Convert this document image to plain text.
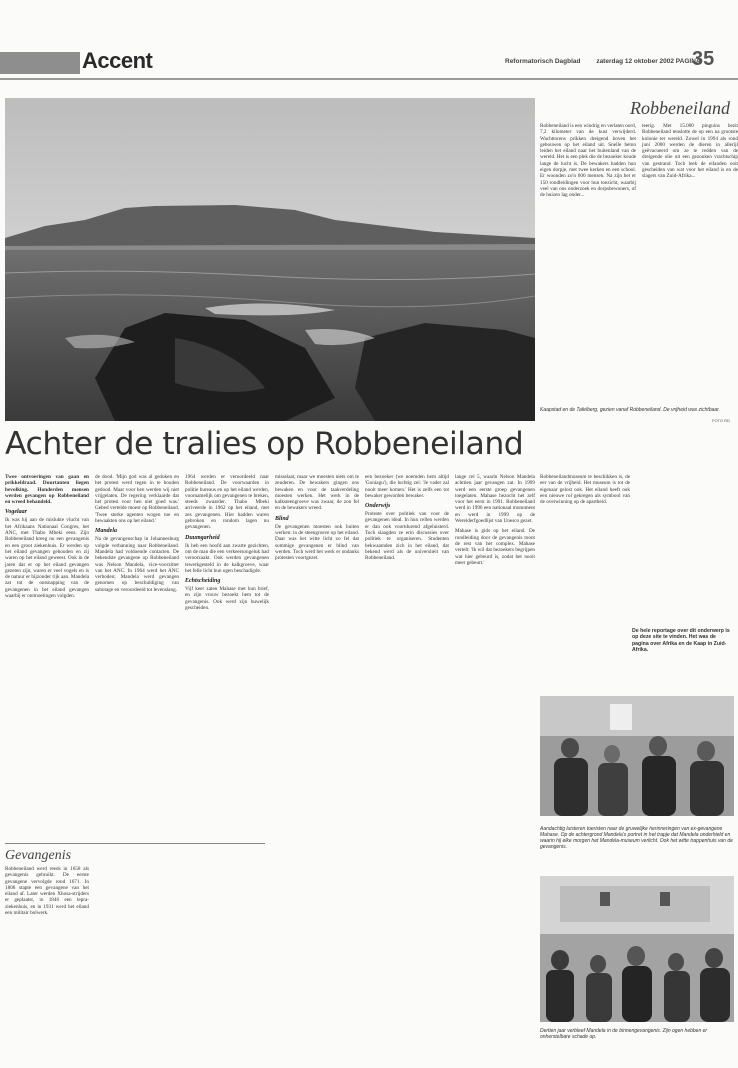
Accent	Reformatorisch Dagblad zaterdag 12 oktober 2002 PAGINA
35
Robbeneiland
Robbeneiland is een windrig en verlaten oord, 7,2 kilometer van de kust verwijderd. Wachttorens prikken dreigend boven het gebouwen op het eiland uit. Snelle beton leiden het eiland naar het buitenland van de wereld. Het is een plek die de bezoeker koude lange de lucht is. De bewakers hadden hun eigen dorpje, met twee kerken en een school. Er woonden zo'n 600 mensen. Na zijn het er 150 rondleidingen voor hun toezicht, waarbij veel van ons onderzoek en dorpsbewoners, of de huizen lag onder...
teerig. Met 15.000 pinguins bezit Robbeneiland tenslotte de op een na grootste kolonie ter wereld. Zowel in 1994 als rond juni 2000 werden de dieren in allerijl geëvacueerd om ze te redden van de dreigende olie uit een gezonken vrachtschip van gestrand. Toch leek de eilanden ooit gescheiden van wat voor het eiland is en de slagers van Zuid-Afrika...
Kaapstad en de Tafelberg, gezien vanaf Robbeneiland. De vrijheid was zichtbaar.
FOTO RD
Achter de tralies op Robbeneiland
Twee ontvoeringen van gaan en prikkeldraad. Duurtanten liegen bevolking. Honderden mensen werden gevangen op Robbeneiland en wreed behandeld.
Vogelaar
Ik was hij aan de mislukte vlucht van het Afrikaans Nationaal Congres, het ANC, met Thabo Mbeki eens. Zijn Robbeneiland kreeg nu een gevangenis en een groot ziekenhuis. Er werden op het eiland gevangen gehouden en zij waren op het eiland geweest. Ook in de jaren dat er op het eiland gevangen gezeten zijn, waren er veel vogels en is de natuur er bijzonder rijk aan. Mandela zat tot de ontsnapping van de gevangenen in het eiland gevangen waarbij er ontmoetingen volgden.
Gevangenis
Robbeneiland werd reeds in 1658 als gevangenis gebruikt. De eerste gevangene vervolgde rond 1671. In 1806 stapte een gevangene van het eiland af. Later werden Xhosa-strijders er geplaatst, in 1846 een lepra-ziekenhuis, en in 1931 werd het eiland een militair bolwerk.
de dood. 'Mijn god was al gedoken en het protest werd tegen in te houden gedood. Maar voor hen werden wij niet vrijgelaten. De regering verklaarde dat het protest voor hen niet goed was.' Gebed vertelde moest op Robbeneiland. 'Twee sterke agenten wogen toe en bewaakten ons op het eiland.'
Mandela
Na de gevangenschap in Johannesburg volgde verbanning naar Robbeneiland. Mandela had voldoende contacten. De bekendste gevangene op Robbeneiland was Nelson Mandela, vice-voorzitter van het ANC. In 1964 werd het ANC verboden; Mandela werd gevangen genomen op beschuldiging van sabotage en veroordeeld tot levenslang.
1964 werden er veroordeeld naar Robbeneiland. De voorwaarden in politie bureaus en op het eiland werden, voornamelijk om gevangenen te breken, steeds zwaarder. Thabo Mbeki arriveerde in 1962 op het eiland, met zes gevangenen. Hier hadden waren gebroken en rondom lagen nu gevangenen.
Duumgarheid
Ik heb een hoofd aan zwarte gezichten, om de man die een verkeersongeluk had veroorzaakt. Ook werden gevangenen tewerkgesteld in de kalkgroeve, waar het felle licht hun ogen beschadigde.
Echtscheiding
Vijf keer zaten Mahase met hun brief, en zijn vrouw bezoekt hem tot de gevangenis. Ook werd zijn huwelijk gescheiden.
misselaat, maar we moesten niets om te zeuderen. De bewakers gingen ons bewaken en voor de taakverdeling moesten werken. Het werk in de kalksteengroeve was zwaar, de zon fel en de bewakers wreed.
Blind
De gevangenen moesten ook buiten werken: in de steengroeve op het eiland. Daar was het witte licht zo fel dat sommige gevangenen er blind van werden. Toch werd het werk er ondanks protesten voortgezet.
een bezoeker (we noemden hem altijd 'Goniagu'), die luchtig zei: 'Je vader zal nooit meer komen.' Het is zelfs een tot bewaker geworden bewaker.
Onderwijs
Proteste over politiek van voor de gevangenen ideal. In hun cellen werden er dan ook voortdurend afgeluisterd. Toch slaagden ze erin discussies over politiek te organiseren. Studenten bekwaamden zich in het eiland, dat bekend werd als de universiteit van Robbeneiland.
lange cel 5, waarin Nelson Mandela achttien jaar gevangen zat. In 1999 werd een eerste groep gevangenen toegelaten. Mahase bezocht het zelf voor het eerst in 1991. Robbeneiland werd in 1996 een nationaal monument en werd in 1999 op de Werelderfgoedlijst van Unesco gezet.
Mahase is gids op het eiland. De rondleiding door de gevangenis toont de rest van het complex. Mahase vertelt: 'Ik wil dat bezoekers begrijpen wat hier gebeurd is, zodat het nooit meer gebeurt.'
Robbeneilandmuseum te beschikken is, de eer van de vrijheid. Het museum is tot de eigenaar gelost ook. Het eiland heeft ook een nieuwe rol gekregen als symbool van de overwinning op de apartheid.
De hele reportage over dit onderwerp is op deze site te vinden. Het was de pagina over Afrika en de Kaap in Zuid-Afrika.
Aandachtig luisteren toeristen naar de gruwelijke herinneringen van ex-gevangene Mahase. Op de achtergrond Mandela's portret in het trapje dat Mandela onderhield en waarin hij elke morgen het Mandela-museum verlicht. Ook het witte trappenhuis van de gevangenis.
Dertien jaar verbleef Mandela in de binnengevangenis. Zijn ogen hebben er onherstelbare schade op.
